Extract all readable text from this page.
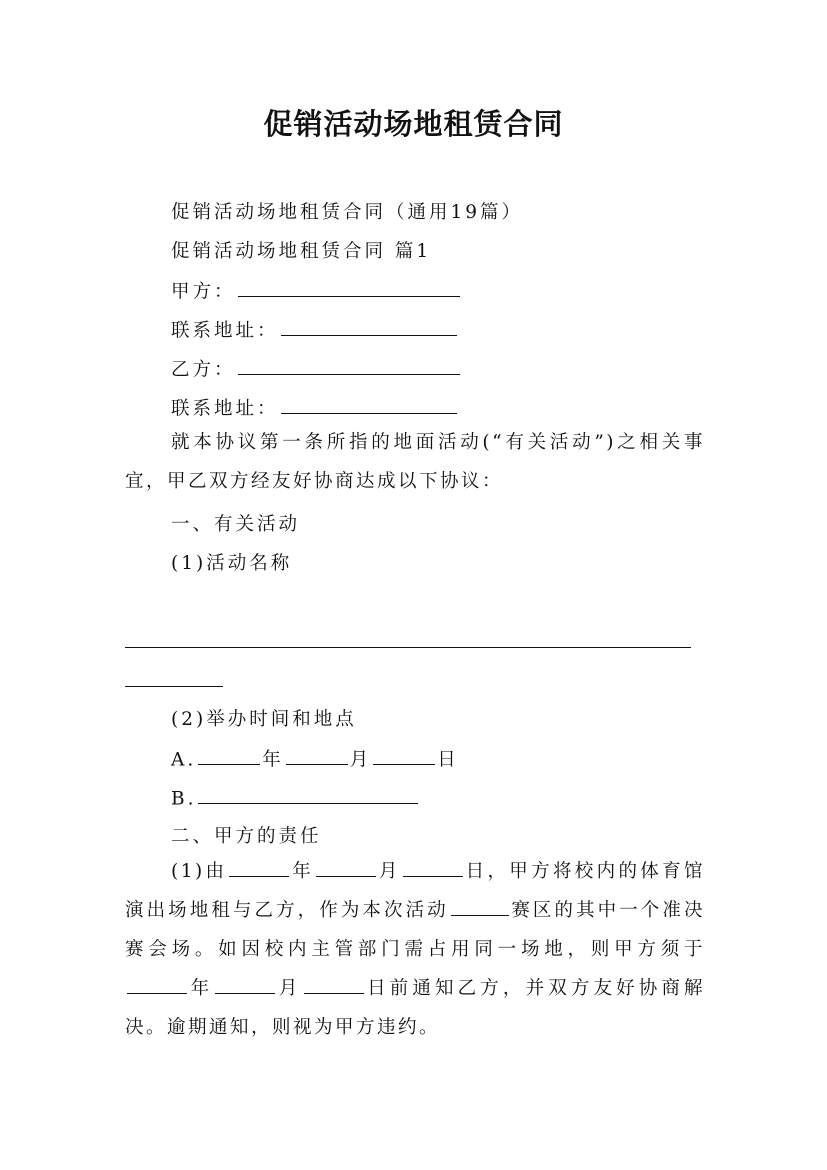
促销活动场地租赁合同
促销活动场地租赁合同（通用19篇）
促销活动场地租赁合同 篇1
甲方：
联系地址：
乙方：
联系地址：
就本协议第一条所指的地面活动(“有关活动”)之相关事宜，甲乙双方经友好协商达成以下协议：
一、有关活动
(1)活动名称
(2)举办时间和地点
A.	年	月	日
B.
二、甲方的责任
(1)由	年	月	日，甲方将校内的体育馆演出场地租与乙方，作为本次活动	赛区的其中一个准决赛会场。如因校内主管部门需占用同一场地，则甲方须于年	月	日前通知乙方，并双方友好协商解决。逾期通知，则视为甲方违约。
